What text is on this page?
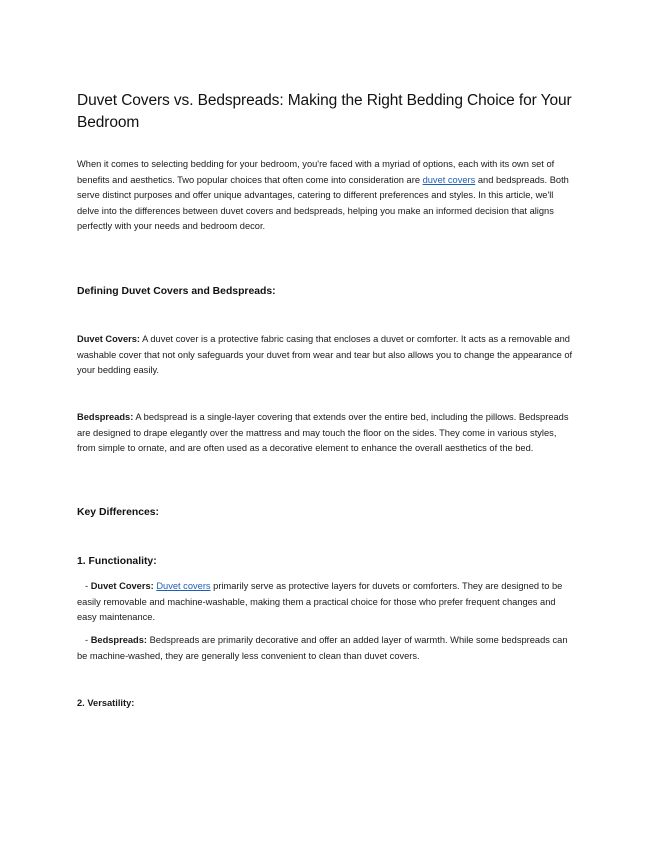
Duvet Covers vs. Bedspreads: Making the Right Bedding Choice for Your Bedroom

When it comes to selecting bedding for your bedroom, you're faced with a myriad of options, each with its own set of benefits and aesthetics. Two popular choices that often come into consideration are duvet covers and bedspreads. Both serve distinct purposes and offer unique advantages, catering to different preferences and styles. In this article, we'll delve into the differences between duvet covers and bedspreads, helping you make an informed decision that aligns perfectly with your needs and bedroom decor.

Defining Duvet Covers and Bedspreads:

Duvet Covers: A duvet cover is a protective fabric casing that encloses a duvet or comforter. It acts as a removable and washable cover that not only safeguards your duvet from wear and tear but also allows you to change the appearance of your bedding easily.

Bedspreads: A bedspread is a single-layer covering that extends over the entire bed, including the pillows. Bedspreads are designed to drape elegantly over the mattress and may touch the floor on the sides. They come in various styles, from simple to ornate, and are often used as a decorative element to enhance the overall aesthetics of the bed.

Key Differences:
1. Functionality:

- Duvet Covers: Duvet covers primarily serve as protective layers for duvets or comforters. They are designed to be easily removable and machine-washable, making them a practical choice for those who prefer frequent changes and easy maintenance.

- Bedspreads: Bedspreads are primarily decorative and offer an added layer of warmth. While some bedspreads can be machine-washed, they are generally less convenient to clean than duvet covers.

2. Versatility:
